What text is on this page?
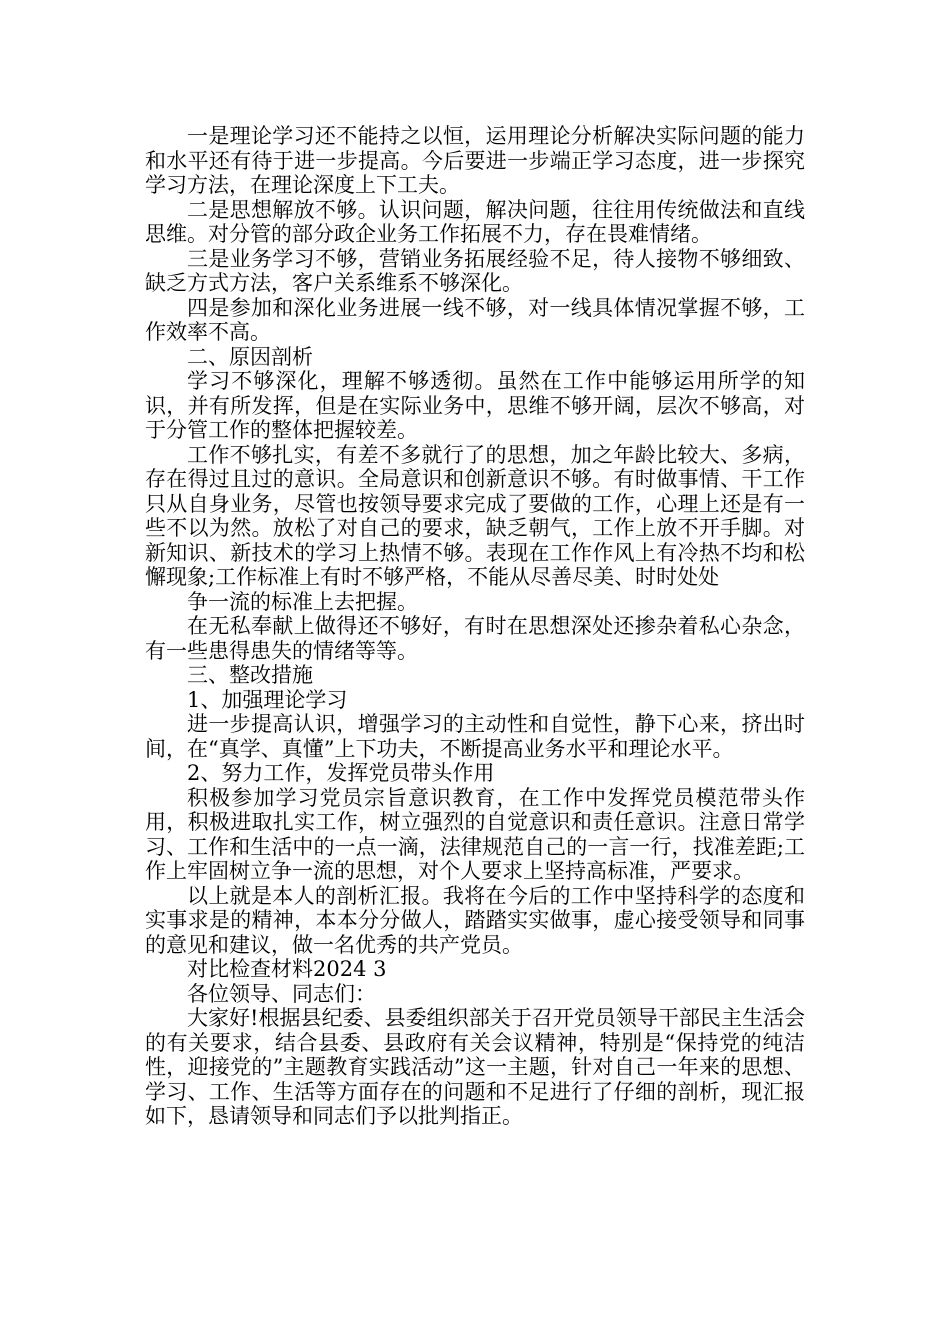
一是理论学习还不能持之以恒，运用理论分析解决实际问题的能力和水平还有待于进一步提高。今后要进一步端正学习态度，进一步探究学习方法，在理论深度上下工夫。

二是思想解放不够。认识问题，解决问题，往往用传统做法和直线思维。对分管的部分政企业务工作拓展不力，存在畏难情绪。

三是业务学习不够，营销业务拓展经验不足，待人接物不够细致、缺乏方式方法，客户关系维系不够深化。

四是参加和深化业务进展一线不够，对一线具体情况掌握不够，工作效率不高。

二、原因剖析

学习不够深化，理解不够透彻。虽然在工作中能够运用所学的知识，并有所发挥，但是在实际业务中，思维不够开阔，层次不够高，对于分管工作的整体把握较差。

工作不够扎实，有差不多就行了的思想，加之年龄比较大、多病，存在得过且过的意识。全局意识和创新意识不够。有时做事情、干工作只从自身业务，尽管也按领导要求完成了要做的工作，心理上还是有一些不以为然。放松了对自己的要求，缺乏朝气，工作上放不开手脚。对新知识、新技术的学习上热情不够。表现在工作作风上有冷热不均和松懈现象;工作标准上有时不够严格，不能从尽善尽美、时时处处

争一流的标准上去把握。

在无私奉献上做得还不够好，有时在思想深处还掺杂着私心杂念，有一些患得患失的情绪等等。

三、整改措施

1、加强理论学习

进一步提高认识，增强学习的主动性和自觉性，静下心来，挤出时间，在“真学、真懂”上下功夫，不断提高业务水平和理论水平。

2、努力工作，发挥党员带头作用

积极参加学习党员宗旨意识教育，在工作中发挥党员模范带头作用，积极进取扎实工作，树立强烈的自觉意识和责任意识。注意日常学习、工作和生活中的一点一滴，法律规范自己的一言一行，找准差距;工作上牢固树立争一流的思想，对个人要求上坚持高标准，严要求。

以上就是本人的剖析汇报。我将在今后的工作中坚持科学的态度和实事求是的精神，本本分分做人，踏踏实实做事，虚心接受领导和同事的意见和建议，做一名优秀的共产党员。

对比检查材料2024 3

各位领导、同志们：

大家好!根据县纪委、县委组织部关于召开党员领导干部民主生活会的有关要求，结合县委、县政府有关会议精神，特别是“保持党的纯洁性，迎接党的”主题教育实践活动”这一主题，针对自己一年来的思想、学习、工作、生活等方面存在的问题和不足进行了仔细的剖析，现汇报如下，恳请领导和同志们予以批判指正。
